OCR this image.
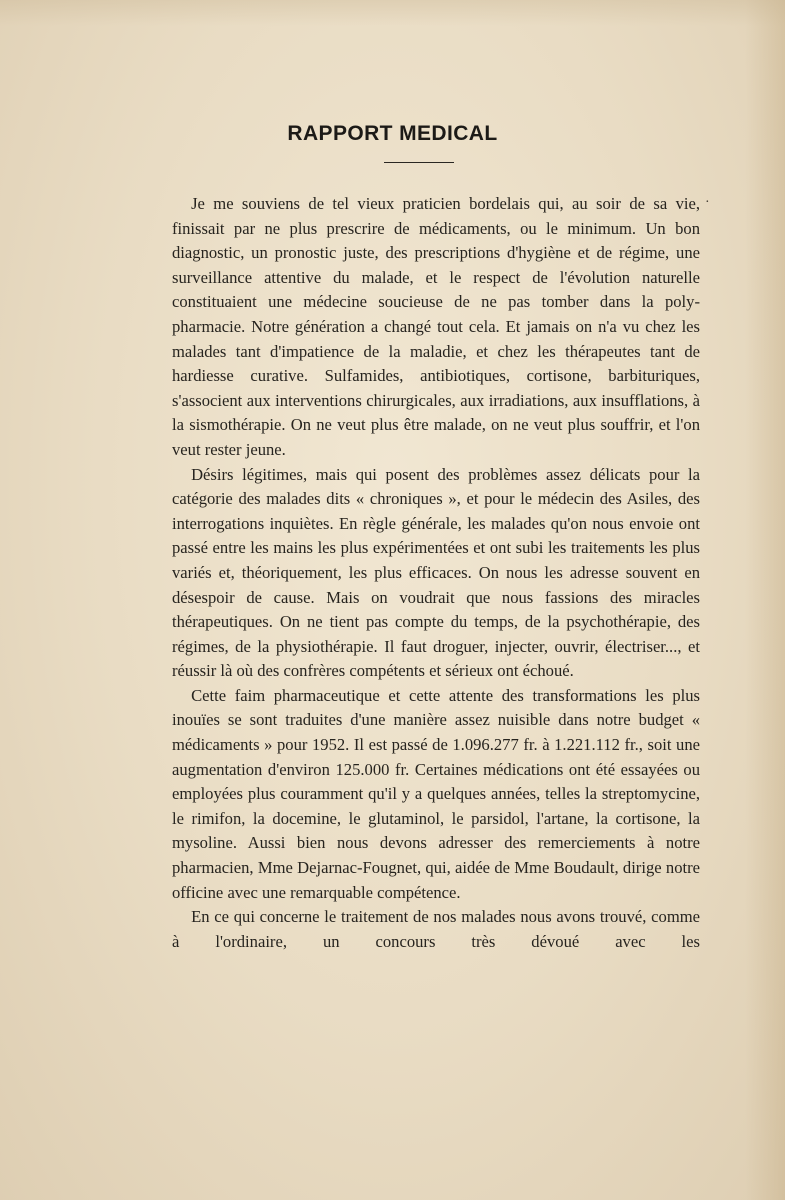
RAPPORT MEDICAL
·

Je me souviens de tel vieux praticien bordelais qui, au soir de sa vie, finissait par ne plus prescrire de médicaments, ou le minimum. Un bon diagnostic, un pronostic juste, des prescriptions d'hygiène et de régime, une surveillance attentive du malade, et le respect de l'évolution naturelle constituaient une médecine soucieuse de ne pas tomber dans la poly-pharmacie. Notre génération a changé tout cela. Et jamais on n'a vu chez les malades tant d'impatience de la maladie, et chez les thérapeutes tant de hardiesse curative. Sulfamides, antibiotiques, cortisone, barbituriques, s'associent aux interventions chirurgicales, aux irradiations, aux insufflations, à la sismothérapie. On ne veut plus être malade, on ne veut plus souffrir, et l'on veut rester jeune.

Désirs légitimes, mais qui posent des problèmes assez délicats pour la catégorie des malades dits « chroniques », et pour le médecin des Asiles, des interrogations inquiètes. En règle générale, les malades qu'on nous envoie ont passé entre les mains les plus expérimentées et ont subi les traitements les plus variés et, théoriquement, les plus efficaces. On nous les adresse souvent en désespoir de cause. Mais on voudrait que nous fassions des miracles thérapeutiques. On ne tient pas compte du temps, de la psychothérapie, des régimes, de la physiothérapie. Il faut droguer, injecter, ouvrir, électriser..., et réussir là où des confrères compétents et sérieux ont échoué.

Cette faim pharmaceutique et cette attente des transformations les plus inouïes se sont traduites d'une manière assez nuisible dans notre budget « médicaments » pour 1952. Il est passé de 1.096.277 fr. à 1.221.112 fr., soit une augmentation d'environ 125.000 fr. Certaines médications ont été essayées ou employées plus couramment qu'il y a quelques années, telles la streptomycine, le rimifon, la docemine, le glutaminol, le parsidol, l'artane, la cortisone, la mysoline. Aussi bien nous devons adresser des remerciements à notre pharmacien, Mme Dejarnac-Fougnet, qui, aidée de Mme Boudault, dirige notre officine avec une remarquable compétence.

En ce qui concerne le traitement de nos malades nous avons trouvé, comme à l'ordinaire, un concours très dévoué avec les
